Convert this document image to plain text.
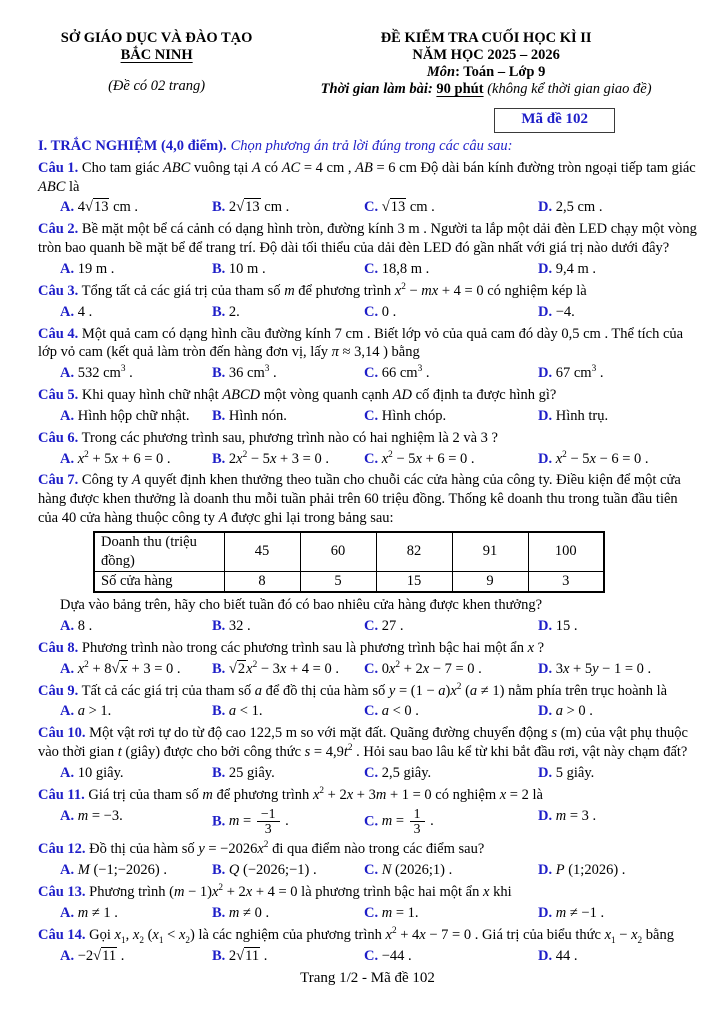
SỞ GIÁO DỤC VÀ ĐÀO TẠO
BẮC NINH
(Đề có 02 trang)
ĐỀ KIỂM TRA CUỐI HỌC KÌ II
NĂM HỌC 2025 – 2026
Môn: Toán – Lớp 9
Thời gian làm bài: 90 phút (không kể thời gian giao đề)
Mã đề 102

I. TRẮC NGHIỆM (4,0 điểm). Chọn phương án trả lời đúng trong các câu sau:

Câu 1. Cho tam giác ABC vuông tại A có AC = 4 cm , AB = 6 cm Độ dài bán kính đường tròn ngoại tiếp tam giác ABC là

A. 4√13 cm .	B. 2√13 cm .	C. √13 cm .	D. 2,5 cm .

Câu 2. Bề mặt một bể cá cảnh có dạng hình tròn, đường kính 3 m . Người ta lắp một dải đèn LED chạy một vòng tròn bao quanh bề mặt bể để trang trí. Độ dài tối thiểu của dải đèn LED đó gần nhất với giá trị nào dưới đây?

A. 19 m .	B. 10 m .	C. 18,8 m .	D. 9,4 m .

Câu 3. Tổng tất cả các giá trị của tham số m để phương trình $x^2$ − mx + 4 = 0 có nghiệm kép là

A. 4 .	B. 2.	C. 0 .	D. −4.

Câu 4. Một quả cam có dạng hình cầu đường kính 7 cm . Biết lớp vỏ của quả cam đó dày 0,5 cm . Thể tích của lớp vỏ cam (kết quả làm tròn đến hàng đơn vị, lấy π ≈ 3,14 ) bằng

A. 532 $cm^3$ .	B. 36 $cm^3$ .	C. 66 $cm^3$ .	D. 67 $cm^3$ .

Câu 5. Khi quay hình chữ nhật ABCD một vòng quanh cạnh AD cố định ta được hình gì?

A. Hình hộp chữ nhật.	B. Hình nón.	C. Hình chóp.	D. Hình trụ.

Câu 6. Trong các phương trình sau, phương trình nào có hai nghiệm là 2 và 3 ?

A. $x^2 + 5x + 6 = 0$ .	B. $2x^2 - 5x + 3 = 0$ .	C. $x^2 - 5x + 6 = 0$ .	D. $x^2 - 5x - 6 = 0$ .

Câu 7. Công ty A quyết định khen thưởng theo tuần cho chuỗi các cửa hàng của công ty. Điều kiện để một cửa hàng được khen thưởng là doanh thu mỗi tuần phải trên 60 triệu đồng. Thống kê doanh thu trong tuần đầu tiên của 40 cửa hàng thuộc công ty A được ghi lại trong bảng sau:

Doanh thu (triệu đồng)	45	60	82	91	100
Số cửa hàng	8	5	15	9	3

Dựa vào bảng trên, hãy cho biết tuần đó có bao nhiêu cửa hàng được khen thưởng?

A. 8 .	B. 32 .	C. 27 .	D. 15 .

Câu 8. Phương trình nào trong các phương trình sau là phương trình bậc hai một ẩn x ?

A. $x^2 + 8√x + 3 = 0$ .	B. $√2x^2 - 3x + 4 = 0$ .	C. $0x^2 + 2x - 7 = 0$ .	D. 3x + 5y − 1 = 0 .

Câu 9. Tất cả các giá trị của tham số a để đồ thị của hàm số $y = (1 - a)x^2$ (a ≠ 1) nằm phía trên trục hoành là

A. a > 1.	B. a < 1.	C. a < 0 .	D. a > 0 .

Câu 10. Một vật rơi tự do từ độ cao 122,5 m so với mặt đất. Quãng đường chuyển động s (m) của vật phụ thuộc vào thời gian t (giây) được cho bởi công thức $s = 4,9t^2$ . Hỏi sau bao lâu kể từ khi bắt đầu rơi, vật này chạm đất?

A. 10 giây.	B. 25 giây.	C. 2,5 giây.	D. 5 giây.

Câu 11. Giá trị của tham số m để phương trình $x^2 + 2x + 3m + 1 = 0$ có nghiệm x = 2 là

A. m = −3.	B. $m = \frac{-1}{3}$ .	C. $m = \frac{1}{3}$ .	D. m = 3 .

Câu 12. Đồ thị của hàm số $y = -2026x^2$ đi qua điểm nào trong các điểm sau?

A. M (−1;−2026) .	B. Q (−2026;−1) .	C. N (2026;1) .	D. P (1;2026) .

Câu 13. Phương trình $(m - 1)x^2 + 2x + 4 = 0$ là phương trình bậc hai một ẩn x khi

A. m ≠ 1 .	B. m ≠ 0 .	C. m = 1.	D. m ≠ −1 .

Câu 14. Gọi $x_1$, $x_2$ $(x_1 < x_2)$ là các nghiệm của phương trình $x^2 + 4x - 7 = 0$ . Giá trị của biểu thức $x_1 - x_2$ bằng

A. −2√11 .	B. 2√11 .	C. −44 .	D. 44 .
Trang 1/2 - Mã đề 102
